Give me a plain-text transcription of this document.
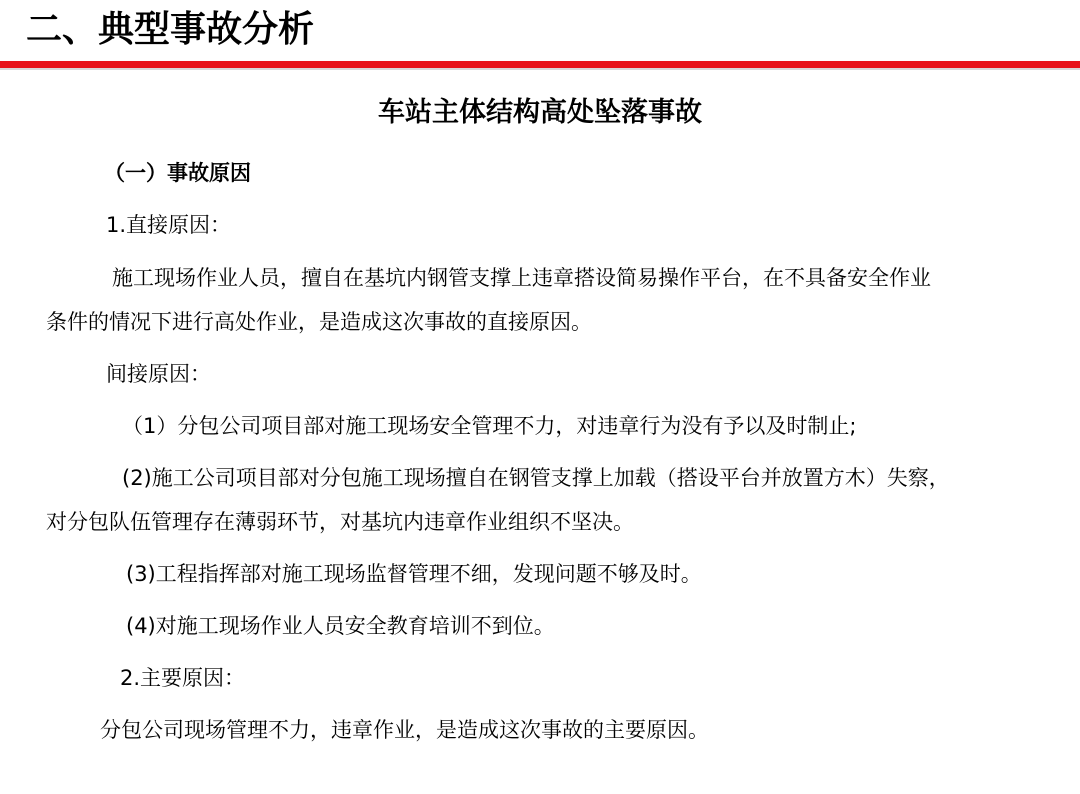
二、典型事故分析
车站主体结构高处坠落事故
（一）事故原因
1.直接原因：
施工现场作业人员，擅自在基坑内钢管支撑上违章搭设简易操作平台，在不具备安全作业
条件的情况下进行高处作业，是造成这次事故的直接原因。
间接原因：
（1）分包公司项目部对施工现场安全管理不力，对违章行为没有予以及时制止;
(2)施工公司项目部对分包施工现场擅自在钢管支撑上加载（搭设平台并放置方木）失察，
对分包队伍管理存在薄弱环节，对基坑内违章作业组织不坚决。
(3)工程指挥部对施工现场监督管理不细，发现问题不够及时。
(4)对施工现场作业人员安全教育培训不到位。
2.主要原因：
分包公司现场管理不力，违章作业，是造成这次事故的主要原因。
